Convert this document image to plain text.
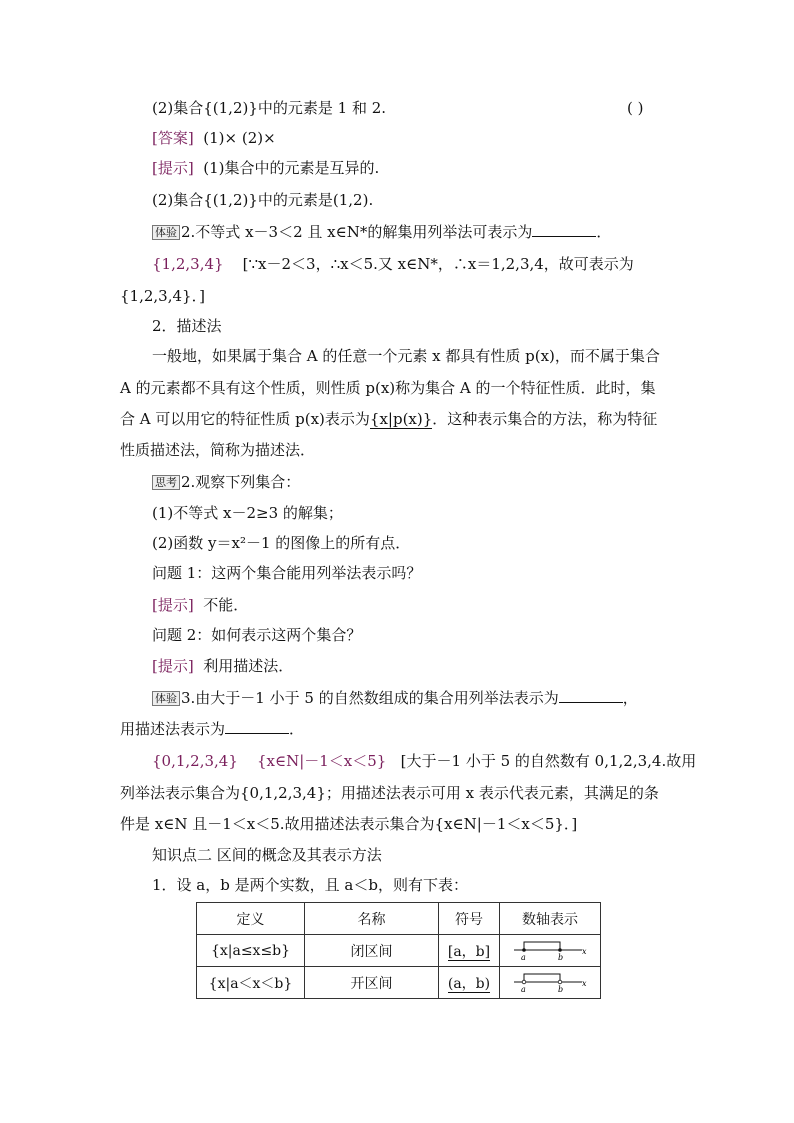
(2)集合{(1,2)}中的元素是 1 和 2.	( )
[答案] (1)× (2)×
[提示] (1)集合中的元素是互异的.
(2)集合{(1,2)}中的元素是(1,2).
体验 2.不等式 x－3＜2 且 x∈N*的解集用列举法可表示为	．
{1,2,3,4} [∵x－2＜3，∴x＜5.又 x∈N*，∴x＝1,2,3,4，故可表示为
{1,2,3,4}．]
2．描述法
一般地，如果属于集合 A 的任意一个元素 x 都具有性质 p(x)，而不属于集合
A 的元素都不具有这个性质，则性质 p(x)称为集合 A 的一个特征性质．此时，集
合 A 可以用它的特征性质 p(x)表示为{x|p(x)}．这种表示集合的方法，称为特征
性质描述法，简称为描述法．
思考 2.观察下列集合：
(1)不等式 x－2≥3 的解集；
(2)函数 y＝x²－1 的图像上的所有点．
问题 1：这两个集合能用列举法表示吗？
[提示] 不能．
问题 2：如何表示这两个集合？
[提示] 利用描述法．
体验 3.由大于－1 小于 5 的自然数组成的集合用列举法表示为	，
用描述法表示为	．
{0,1,2,3,4} {x∈N|－1＜x＜5} [大于－1 小于 5 的自然数有 0,1,2,3,4.故用
列举法表示集合为{0,1,2,3,4}；用描述法表示可用 x 表示代表元素，其满足的条
件是 x∈N 且－1＜x＜5.故用描述法表示集合为{x∈N|－1＜x＜5}．]
知识点二 区间的概念及其表示方法
1．设 a，b 是两个实数，且 a＜b，则有下表：
定义	名称	符号	数轴表示
{x|a≤x≤b}	闭区间	[a，b]	a b
x

{x|a＜x＜b}	开区间	(a，b)	a b
x
